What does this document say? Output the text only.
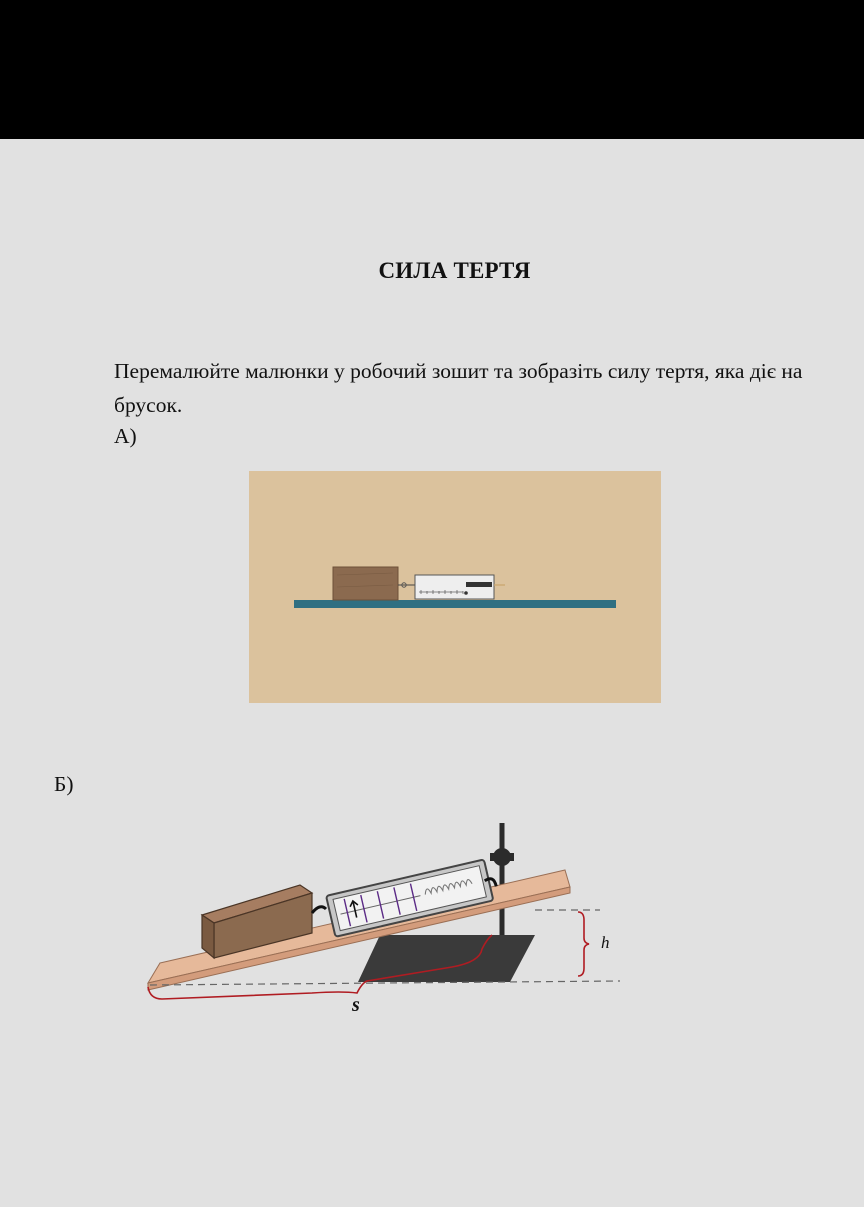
СИЛА ТЕРТЯ
Перемалюйте малюнки у робочий зошит та зобразіть силу тертя, яка діє на брусок.
А)
Б)
h
s
